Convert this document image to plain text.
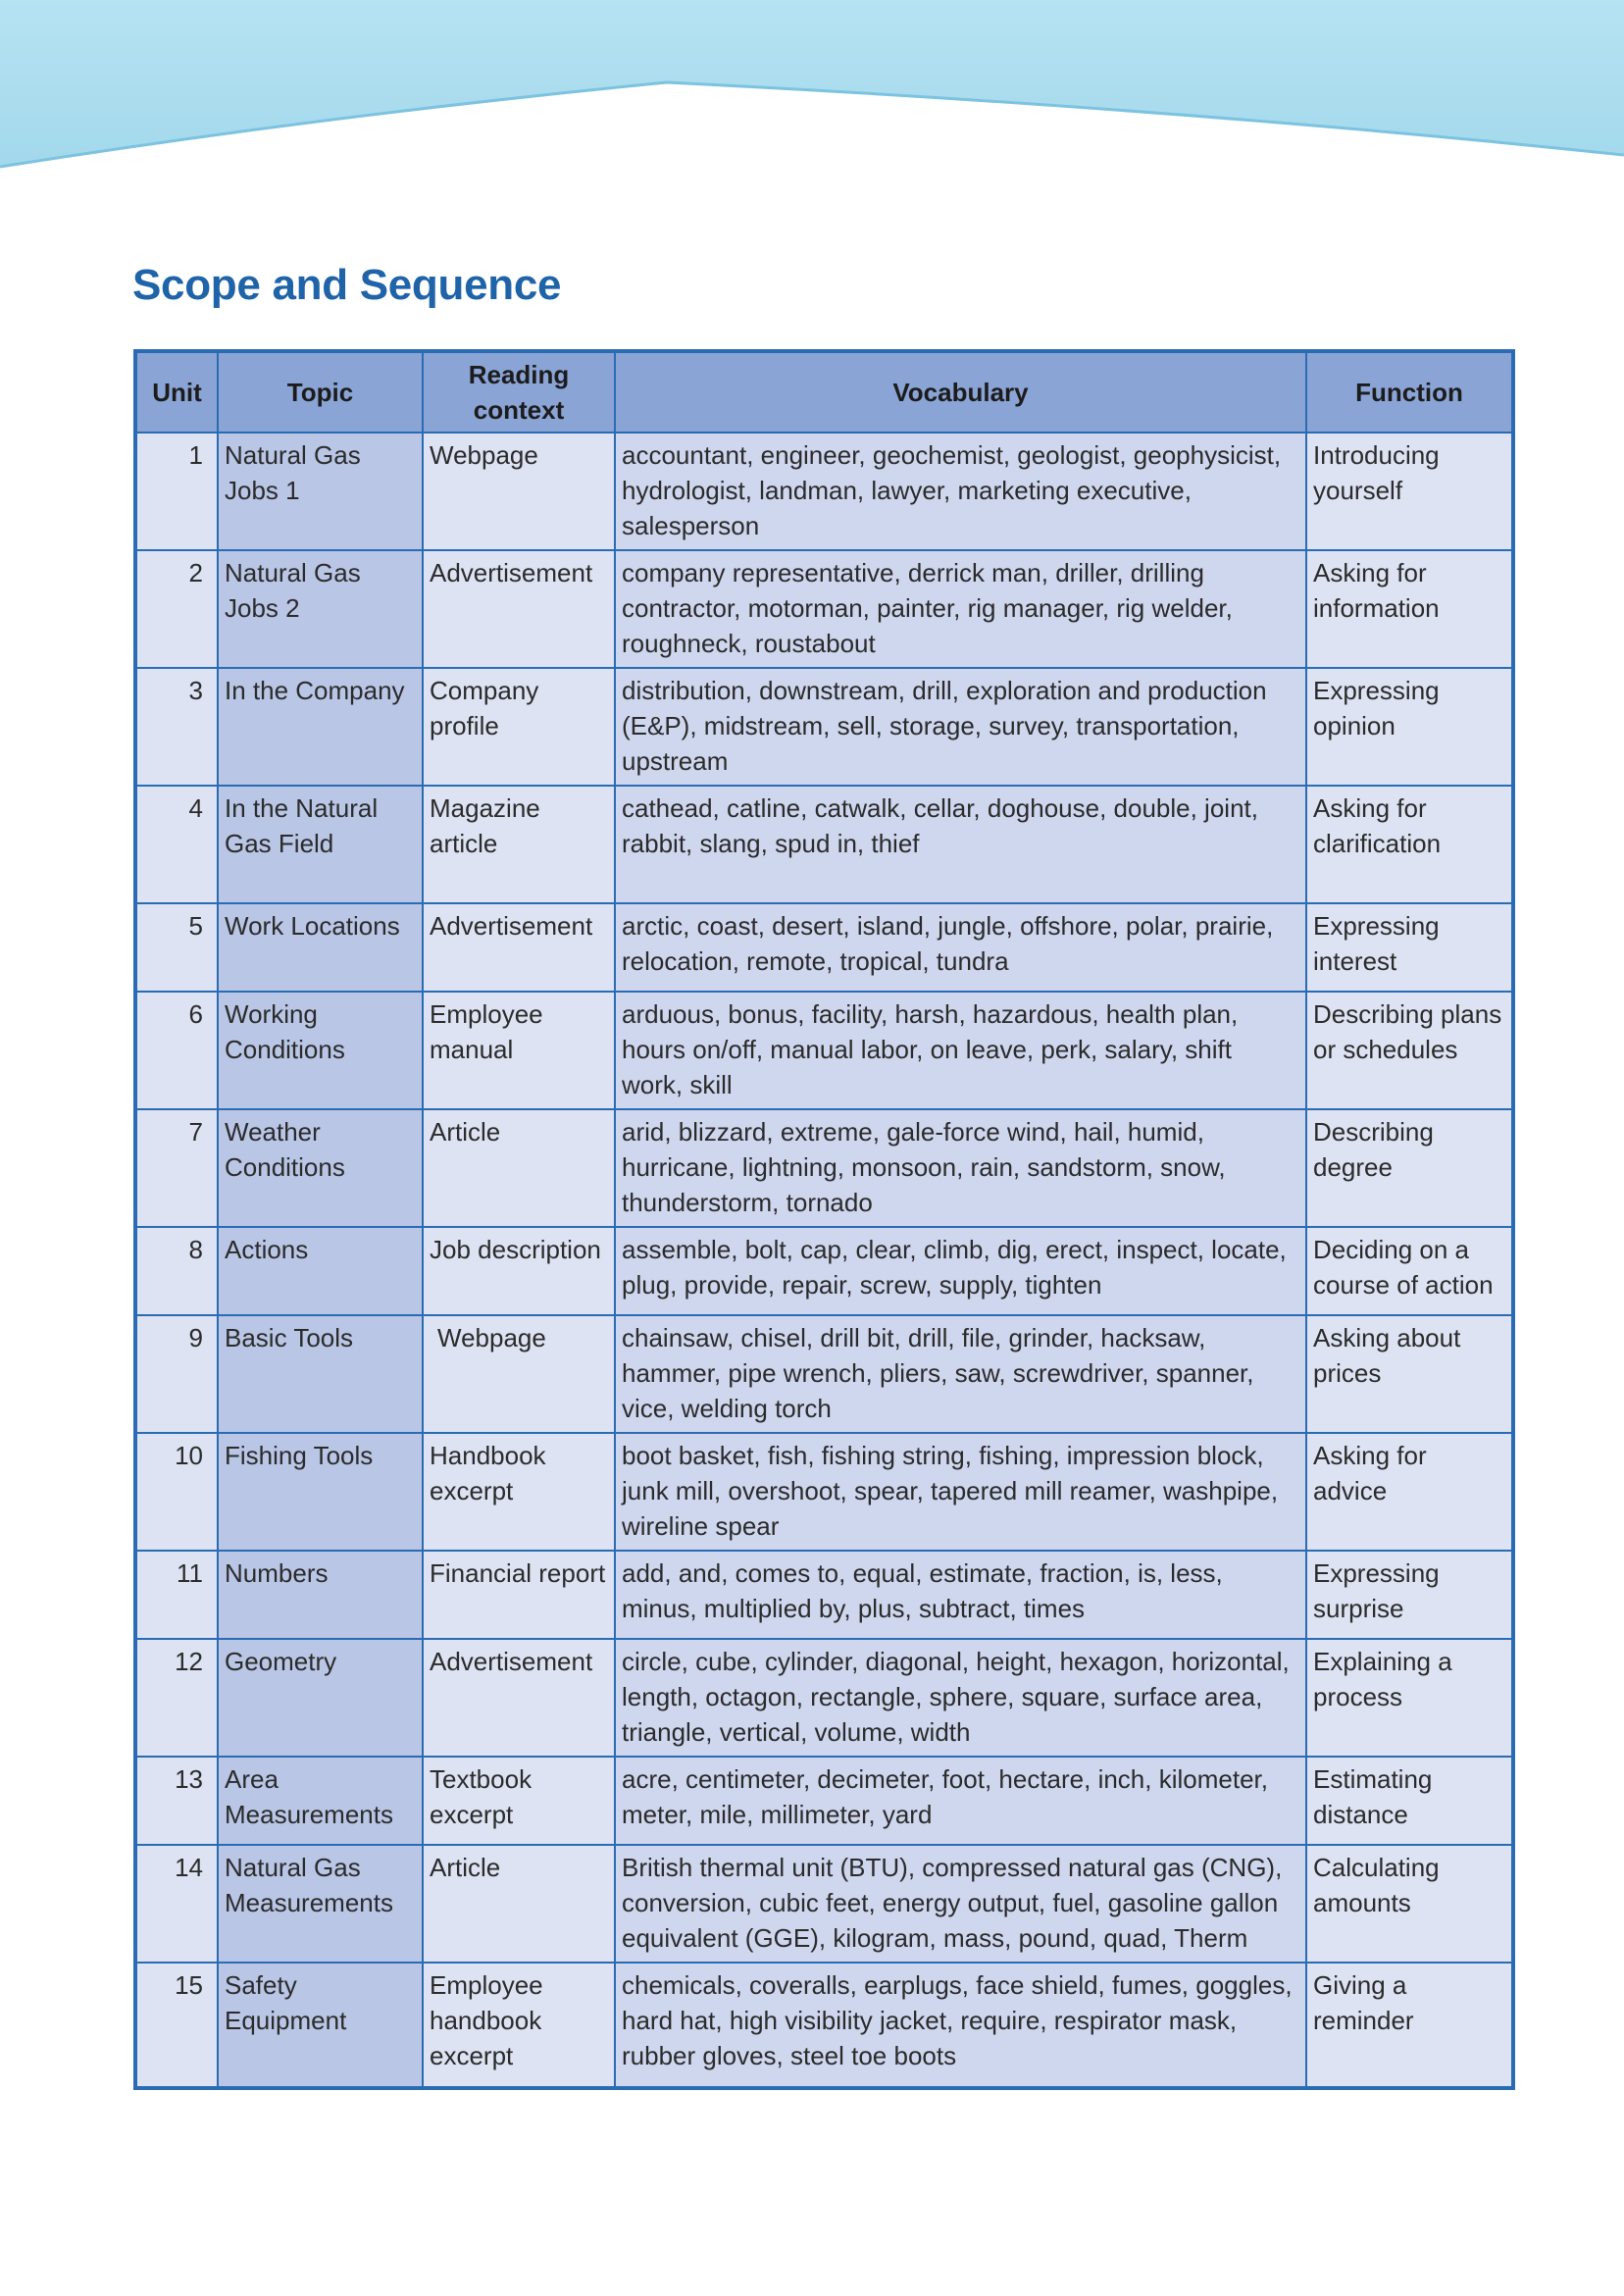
Scope and Sequence
Unit	Topic	Reading context	Vocabulary	Function
1	Natural Gas Jobs 1	Webpage	accountant, engineer, geochemist, geologist, geophysicist, hydrologist, landman, lawyer, marketing executive, salesperson	Introducing yourself
2	Natural Gas Jobs 2	Advertisement	company representative, derrick man, driller, drilling contractor, motorman, painter, rig manager, rig welder, roughneck, roustabout	Asking for information
3	In the Company	Company profile	distribution, downstream, drill, exploration and production (E&P), midstream, sell, storage, survey, transportation, upstream	Expressing opinion
4	In the Natural Gas Field	Magazine article	cathead, catline, catwalk, cellar, doghouse, double, joint, rabbit, slang, spud in, thief	Asking for clarification
5	Work Locations	Advertisement	arctic, coast, desert, island, jungle, offshore, polar, prairie, relocation, remote, tropical, tundra	Expressing interest
6	Working Conditions	Employee manual	arduous, bonus, facility, harsh, hazardous, health plan, hours on/off, manual labor, on leave, perk, salary, shift work, skill	Describing plans or schedules
7	Weather Conditions	Article	arid, blizzard, extreme, gale-force wind, hail, humid, hurricane, lightning, monsoon, rain, sandstorm, snow, thunderstorm, tornado	Describing degree
8	Actions	Job description	assemble, bolt, cap, clear, climb, dig, erect, inspect, locate, plug, provide, repair, screw, supply, tighten	Deciding on a course of action
9	Basic Tools	Webpage	chainsaw, chisel, drill bit, drill, file, grinder, hacksaw, hammer, pipe wrench, pliers, saw, screwdriver, spanner, vice, welding torch	Asking about prices
10	Fishing Tools	Handbook excerpt	boot basket, fish, fishing string, fishing, impression block, junk mill, overshoot, spear, tapered mill reamer, washpipe, wireline spear	Asking for advice
11	Numbers	Financial report	add, and, comes to, equal, estimate, fraction, is, less, minus, multiplied by, plus, subtract, times	Expressing surprise
12	Geometry	Advertisement	circle, cube, cylinder, diagonal, height, hexagon, horizontal, length, octagon, rectangle, sphere, square, surface area, triangle, vertical, volume, width	Explaining a process
13	Area Measurements	Textbook excerpt	acre, centimeter, decimeter, foot, hectare, inch, kilometer, meter, mile, millimeter, yard	Estimating distance
14	Natural Gas Measurements	Article	British thermal unit (BTU), compressed natural gas (CNG), conversion, cubic feet, energy output, fuel, gasoline gallon equivalent (GGE), kilogram, mass, pound, quad, Therm	Calculating amounts
15	Safety Equipment	Employee handbook excerpt	chemicals, coveralls, earplugs, face shield, fumes, goggles, hard hat, high visibility jacket, require, respirator mask, rubber gloves, steel toe boots	Giving a reminder
